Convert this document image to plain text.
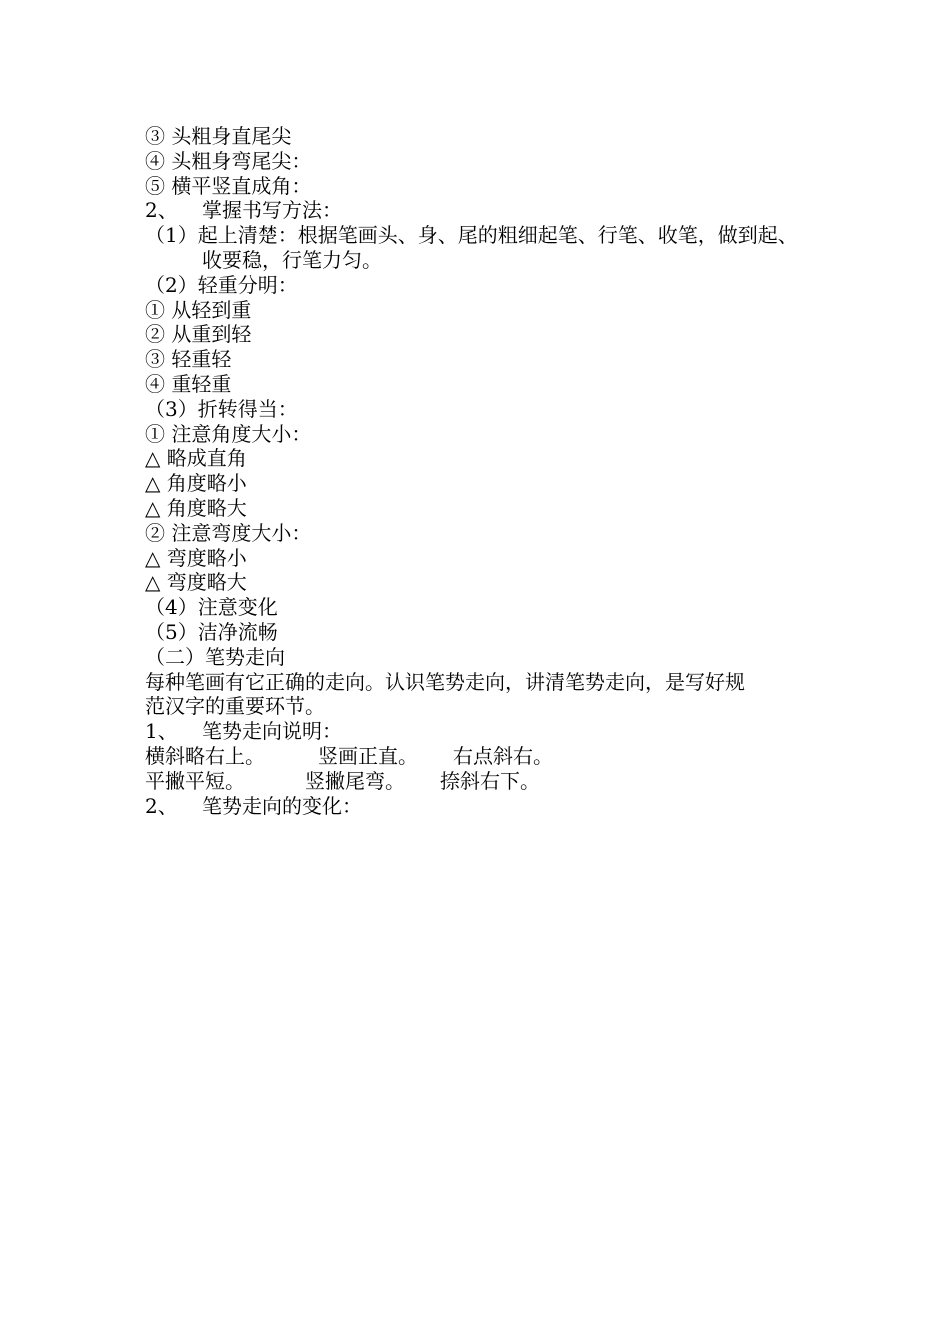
③ 头粗身直尾尖
④ 头粗身弯尾尖：
⑤ 横平竖直成角：
2、 掌握书写方法：
（1）起上清楚：根据笔画头、身、尾的粗细起笔、行笔、收笔，做到起、
收要稳，行笔力匀。
（2）轻重分明：
① 从轻到重
② 从重到轻
③ 轻重轻
④ 重轻重
（3）折转得当：
① 注意角度大小：
△ 略成直角
△ 角度略小
△ 角度略大
② 注意弯度大小：
△ 弯度略小
△ 弯度略大
（4）注意变化
（5）洁净流畅
（二）笔势走向
每种笔画有它正确的走向。认识笔势走向，讲清笔势走向，是写好规
范汉字的重要环节。
1、 笔势走向说明：
横斜略右上。	竖画正直。 右点斜右。
平撇平短。	竖撇尾弯。 捺斜右下。
2、 笔势走向的变化：
